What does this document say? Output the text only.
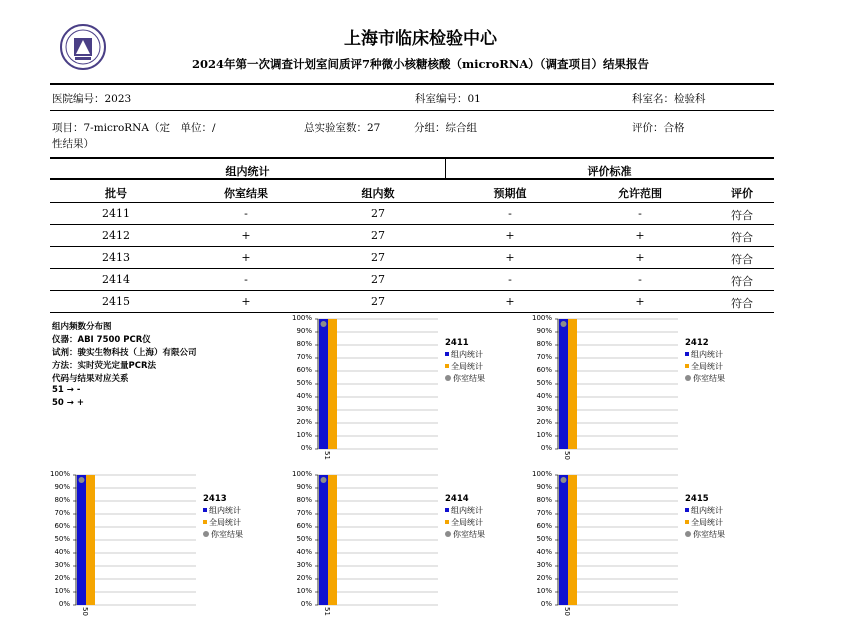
上海市临床检验中心
2024年第一次调查计划室间质评7种微小核糖核酸（microRNA）（调查项目）结果报告
医院编号：2023	科室编号：01	科室名：检验科
项目：7-microRNA（定　单位：/
性结果）
总实验室数：27	分组：综合组	评价：合格
组内统计	评价标准
批号	你室结果	组内数	预期值	允许范围	评价
2411	-	27	-	-	符合
2412	+	27	+	+	符合
2413	+	27	+	+	符合
2414	-	27	-	-	符合
2415	+	27	+	+	符合
组内频数分布图
仪器：ABI 7500 PCR仪
试剂：骏实生物科技（上海）有限公司
方法：实时荧光定量PCR法
代码与结果对应关系
51 → -
50 → +
100%
90%
80%
70%
60%
50%
40%
30%
20%
10%
0%
51
2411
组内统计
全局统计
你室结果
100%
90%
80%
70%
60%
50%
40%
30%
20%
10%
0%
50
2412
组内统计
全局统计
你室结果
100%
90%
80%
70%
60%
50%
40%
30%
20%
10%
0%
50
2413
组内统计
全局统计
你室结果
100%
90%
80%
70%
60%
50%
40%
30%
20%
10%
0%
51
2414
组内统计
全局统计
你室结果
100%
90%
80%
70%
60%
50%
40%
30%
20%
10%
0%
50
2415
组内统计
全局统计
你室结果
